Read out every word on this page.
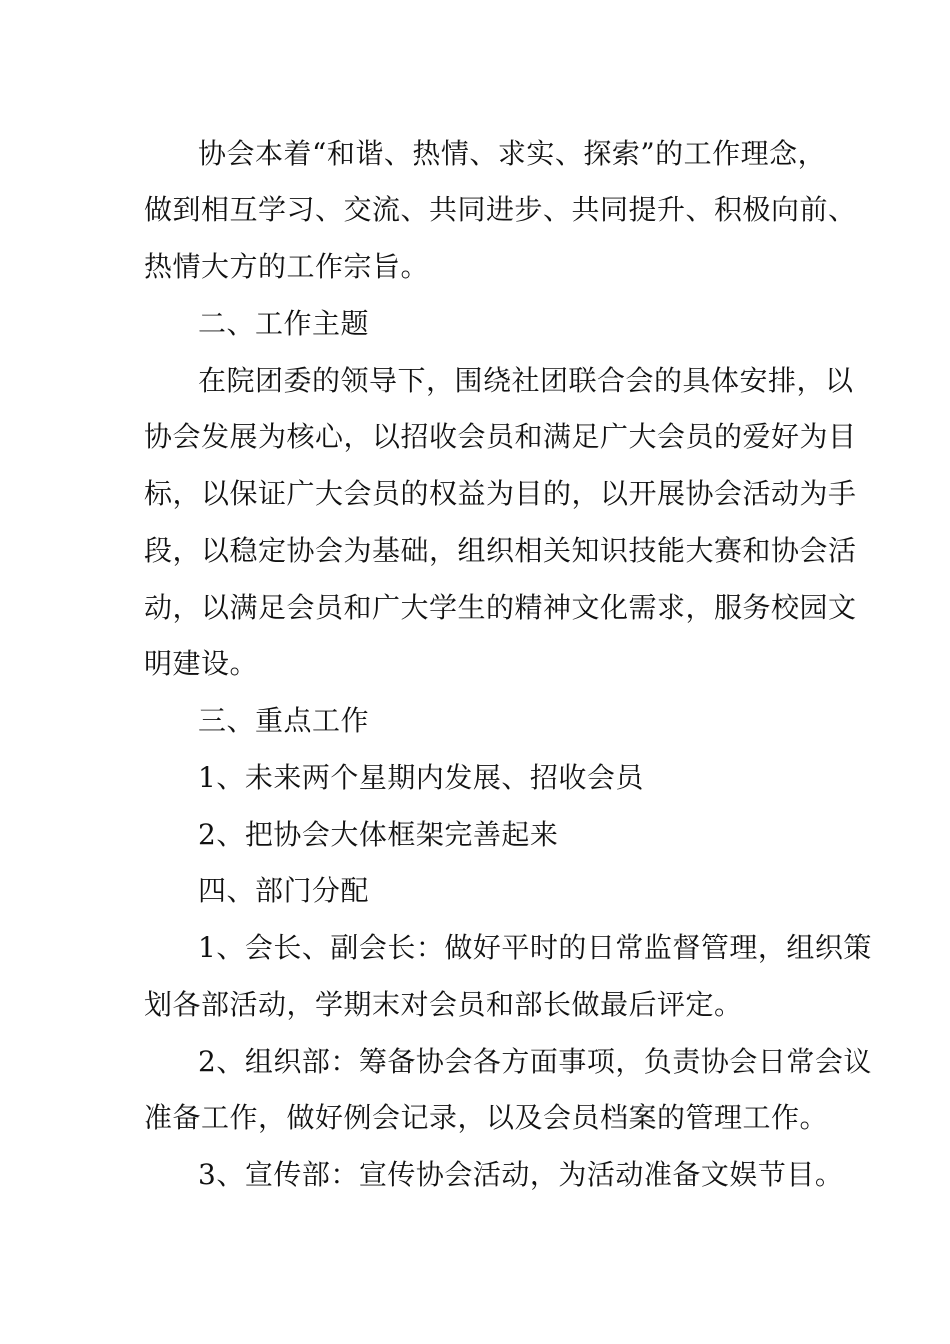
协会本着“和谐、热情、求实、探索”的工作理念，
做到相互学习、交流、共同进步、共同提升、积极向前、
热情大方的工作宗旨。
二、工作主题
在院团委的领导下，围绕社团联合会的具体安排，以
协会发展为核心，以招收会员和满足广大会员的爱好为目
标，以保证广大会员的权益为目的，以开展协会活动为手
段，以稳定协会为基础，组织相关知识技能大赛和协会活
动，以满足会员和广大学生的精神文化需求，服务校园文
明建设。
三、重点工作
1、未来两个星期内发展、招收会员
2、把协会大体框架完善起来
四、部门分配
1、会长、副会长：做好平时的日常监督管理，组织策
划各部活动，学期末对会员和部长做最后评定。
2、组织部：筹备协会各方面事项，负责协会日常会议
准备工作，做好例会记录，以及会员档案的管理工作。
3、宣传部：宣传协会活动，为活动准备文娱节目。
